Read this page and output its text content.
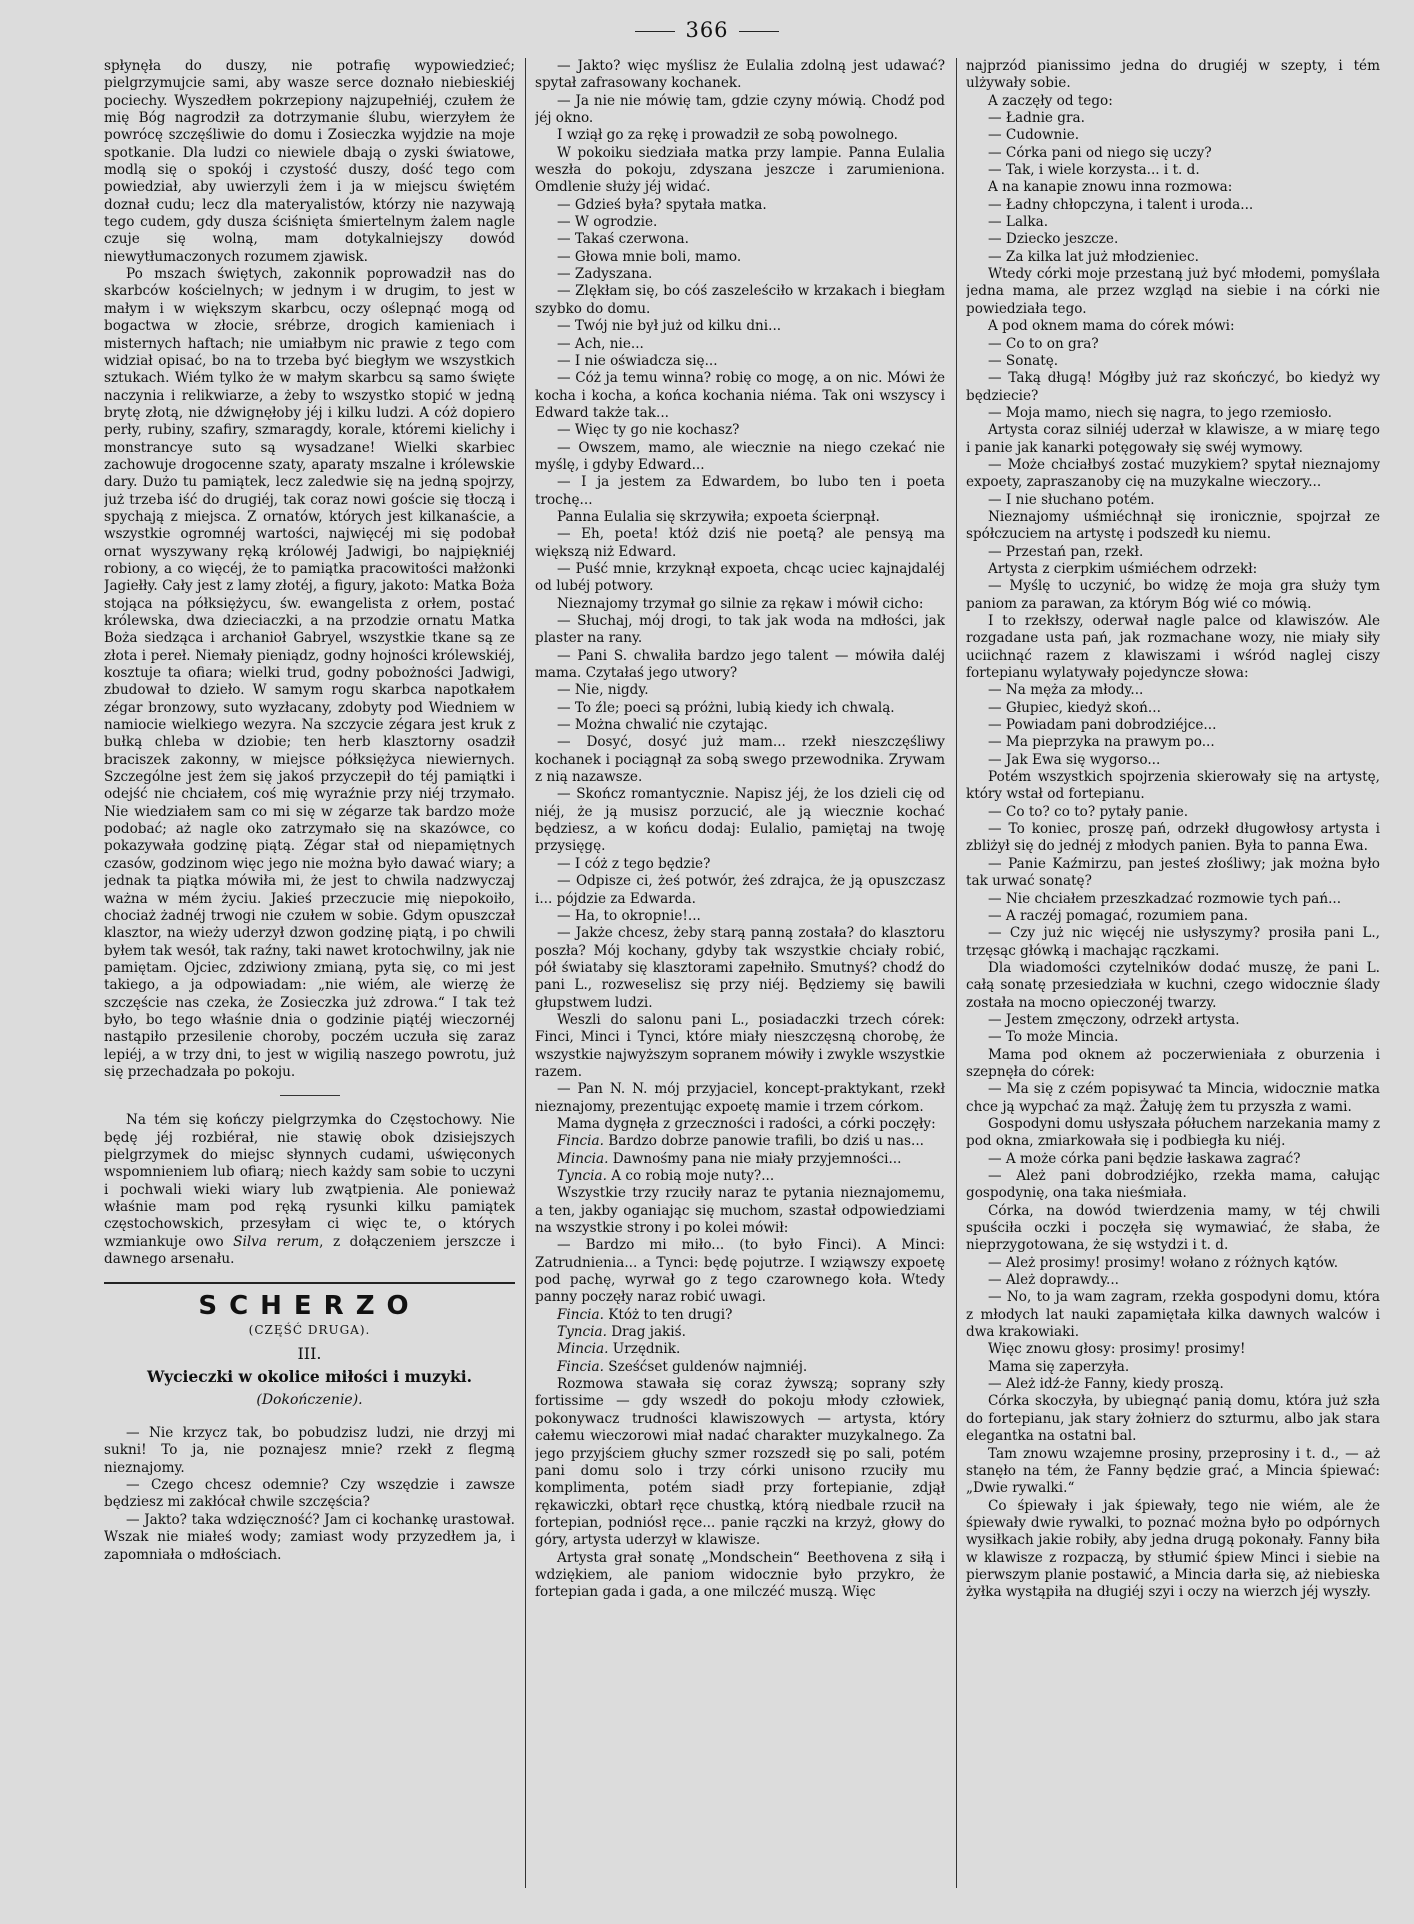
366

spłynęła do duszy, nie potrafię wypowiedzieć; pielgrzymujcie sami, aby wasze serce doznało niebieskiéj pociechy. Wyszedłem pokrzepiony najzupełniéj, czułem że mię Bóg nagrodził za dotrzymanie ślubu, wierzyłem że powrócę szczęśliwie do domu i Zosieczka wyjdzie na moje spotkanie. Dla ludzi co niewiele dbają o zyski światowe, modlą się o spokój i czystość duszy, dość tego com powiedział, aby uwierzyli żem i ja w miejscu świętém doznał cudu; lecz dla materyalistów, którzy nie nazywają tego cudem, gdy dusza ściśnięta śmiertelnym żalem nagle czuje się wolną, mam dotykalniejszy dowód niewytłumaczonych rozumem zjawisk.

Po mszach świętych, zakonnik poprowadził nas do skarbców kościelnych; w jednym i w drugim, to jest w małym i w większym skarbcu, oczy oślepnąć mogą od bogactwa w złocie, srébrze, drogich kamieniach i misternych haftach; nie umiałbym nic prawie z tego com widział opisać, bo na to trzeba być biegłym we wszystkich sztukach. Wiém tylko że w małym skarbcu są samo święte naczynia i relikwiarze, a żeby to wszystko stopić w jedną brytę złotą, nie dźwignęłoby jéj i kilku ludzi. A cóż dopiero perły, rubiny, szafiry, szmaragdy, korale, któremi kielichy i monstrancye suto są wysadzane! Wielki skarbiec zachowuje drogocenne szaty, aparaty mszalne i królewskie dary. Dużo tu pamiątek, lecz zaledwie się na jedną spojrzy, już trzeba iść do drugiéj, tak coraz nowi goście się tłoczą i spychają z miejsca. Z ornatów, których jest kilkanaście, a wszystkie ogromnéj wartości, najwięcéj mi się podobał ornat wyszywany ręką królowéj Jadwigi, bo najpiękniéj robiony, a co więcéj, że to pamiątka pracowitości małżonki Jagiełły. Cały jest z lamy złotéj, a figury, jakoto: Matka Boża stojąca na półksiężycu, św. ewangelista z orłem, postać królewska, dwa dzieciaczki, a na przodzie ornatu Matka Boża siedząca i archanioł Gabryel, wszystkie tkane są ze złota i pereł. Niemały pieniądz, godny hojności królewskiéj, kosztuje ta ofiara; wielki trud, godny pobożności Jadwigi, zbudował to dzieło. W samym rogu skarbca napotkałem zégar bronzowy, suto wyzłacany, zdobyty pod Wiedniem w namiocie wielkiego wezyra. Na szczycie zégara jest kruk z bułką chleba w dziobie; ten herb klasztorny osadził braciszek zakonny, w miejsce półksiężyca niewiernych. Szczególne jest żem się jakoś przyczepił do téj pamiątki i odejść nie chciałem, coś mię wyraźnie przy niéj trzymało. Nie wiedziałem sam co mi się w zégarze tak bardzo może podobać; aż nagle oko zatrzymało się na skazówce, co pokazywała godzinę piątą. Zégar stał od niepamiętnych czasów, godzinom więc jego nie można było dawać wiary; a jednak ta piątka mówiła mi, że jest to chwila nadzwyczaj ważna w mém życiu. Jakieś przeczucie mię niepokoiło, chociaż żadnéj trwogi nie czułem w sobie. Gdym opuszczał klasztor, na wieży uderzył dzwon godzinę piątą, i po chwili byłem tak wesół, tak raźny, taki nawet krotochwilny, jak nie pamiętam. Ojciec, zdziwiony zmianą, pyta się, co mi jest takiego, a ja odpowiadam: „nie wiém, ale wierzę że szczęście nas czeka, że Zosieczka już zdrowa.“ I tak też było, bo tego właśnie dnia o godzinie piątéj wieczornéj nastąpiło przesilenie choroby, poczém uczuła się zaraz lepiéj, a w trzy dni, to jest w wigilią naszego powrotu, już się przechadzała po pokoju.

Na tém się kończy pielgrzymka do Częstochowy. Nie będę jéj rozbiérał, nie stawię obok dzisiejszych pielgrzymek do miejsc słynnych cudami, uświęconych wspomnieniem lub ofiarą; niech każdy sam sobie to uczyni i pochwali wieki wiary lub zwątpienia. Ale ponieważ właśnie mam pod ręką rysunki kilku pamiątek częstochowskich, przesyłam ci więc te, o których wzmiankuje owo Silva rerum, z dołączeniem jerszcze i dawnego arsenału.

SCHERZO
(CZĘŚĆ DRUGA).
III.
Wycieczki w okolice miłości i muzyki.
(Dokończenie).

— Nie krzycz tak, bo pobudzisz ludzi, nie drzyj mi sukni! To ja, nie poznajesz mnie? rzekł z flegmą nieznajomy.

— Czego chcesz odemnie? Czy wszędzie i zawsze będziesz mi zakłócał chwile szczęścia?

— Jakto? taka wdzięczność? Jam ci kochankę urastował. Wszak nie miałeś wody; zamiast wody przyzedłem ja, i zapomniała o mdłościach.

— Jakto? więc myślisz że Eulalia zdolną jest udawać? spytał zafrasowany kochanek.

— Ja nie nie mówię tam, gdzie czyny mówią. Chodź pod jéj okno.

I wziął go za rękę i prowadził ze sobą powolnego.

W pokoiku siedziała matka przy lampie. Panna Eulalia weszła do pokoju, zdyszana jeszcze i zarumieniona. Omdlenie służy jéj widać.

— Gdzieś była? spytała matka.

— W ogrodzie.

— Takaś czerwona.

— Głowa mnie boli, mamo.

— Zadyszana.

— Zlękłam się, bo cóś zaszeleściło w krzakach i biegłam szybko do domu.

— Twój nie był już od kilku dni...

— Ach, nie...

— I nie oświadcza się...

— Cóż ja temu winna? robię co mogę, a on nic. Mówi że kocha i kocha, a końca kochania niéma. Tak oni wszyscy i Edward także tak...

— Więc ty go nie kochasz?

— Owszem, mamo, ale wiecznie na niego czekać nie myślę, i gdyby Edward...

— I ja jestem za Edwardem, bo lubo ten i poeta trochę...

Panna Eulalia się skrzywiła; expoeta ścierpnął.

— Eh, poeta! któż dziś nie poetą? ale pensyą ma większą niż Edward.

— Puść mnie, krzyknął expoeta, chcąc uciec kajnajdaléj od lubéj potwory.

Nieznajomy trzymał go silnie za rękaw i mówił cicho:

— Słuchaj, mój drogi, to tak jak woda na mdłości, jak plaster na rany.

— Pani S. chwaliła bardzo jego talent — mówiła daléj mama. Czytałaś jego utwory?

— Nie, nigdy.

— To źle; poeci są próżni, lubią kiedy ich chwalą.

— Można chwalić nie czytając.

— Dosyć, dosyć już mam... rzekł nieszczęśliwy kochanek i pociągnął za sobą swego przewodnika. Zrywam z nią nazawsze.

— Skończ romantycznie. Napisz jéj, że los dzieli cię od niéj, że ją musisz porzucić, ale ją wiecznie kochać będziesz, a w końcu dodaj: Eulalio, pamiętaj na twoję przysięgę.

— I cóż z tego będzie?

— Odpisze ci, żeś potwór, żeś zdrajca, że ją opuszczasz i... pójdzie za Edwarda.

— Ha, to okropnie!...

— Jakże chcesz, żeby starą panną została? do klasztoru poszła? Mój kochany, gdyby tak wszystkie chciały robić, pół świataby się klasztorami zapełniło. Smutnyś? chodź do pani L., rozweselisz się przy niéj. Będziemy się bawili głupstwem ludzi.

Weszli do salonu pani L., posiadaczki trzech córek: Finci, Minci i Tynci, które miały nieszczęsną chorobę, że wszystkie najwyższym sopranem mówiły i zwykle wszystkie razem.

— Pan N. N. mój przyjaciel, koncept-praktykant, rzekł nieznajomy, prezentując expoetę mamie i trzem córkom.

Mama dygnęła z grzeczności i radości, a córki poczęły:

Fincia. Bardzo dobrze panowie trafili, bo dziś u nas...

Mincia. Dawnośmy pana nie miały przyjemności...

Tyncia. A co robią moje nuty?...

Wszystkie trzy rzuciły naraz te pytania nieznajomemu, a ten, jakby oganiając się muchom, szastał odpowiedziami na wszystkie strony i po kolei mówił:

— Bardzo mi miło... (to było Finci). A Minci: Zatrudnienia... a Tynci: będę pojutrze. I wziąwszy expoetę pod pachę, wyrwał go z tego czarownego koła. Wtedy panny poczęły naraz robić uwagi.

Fincia. Któż to ten drugi?

Tyncia. Drag jakiś.

Mincia. Urzędnik.

Fincia. Sześćset guldenów najmniéj.

Rozmowa stawała się coraz żywszą; soprany szły fortissime — gdy wszedł do pokoju młody człowiek, pokonywacz trudności klawiszowych — artysta, który całemu wieczorowi miał nadać charakter muzykalnego. Za jego przyjściem głuchy szmer rozszedł się po sali, potém pani domu solo i trzy córki unisono rzuciły mu komplimenta, potém siadł przy fortepianie, zdjął rękawiczki, obtarł ręce chustką, którą niedbale rzucił na fortepian, podniósł ręce... panie rączki na krzyż, głowy do góry, artysta uderzył w klawisze.

Artysta grał sonatę „Mondschein“ Beethovena z siłą i wdziękiem, ale paniom widocznie było przykro, że fortepian gada i gada, a one milczéć muszą. Więc

najprzód pianissimo jedna do drugiéj w szepty, i tém ulżywały sobie.

A zaczęły od tego:

— Ładnie gra.

— Cudownie.

— Córka pani od niego się uczy?

— Tak, i wiele korzysta... i t. d.

A na kanapie znowu inna rozmowa:

— Ładny chłopczyna, i talent i uroda...

— Lalka.

— Dziecko jeszcze.

— Za kilka lat już młodzieniec.

Wtedy córki moje przestaną już być młodemi, pomyślała jedna mama, ale przez wzgląd na siebie i na córki nie powiedziała tego.

A pod oknem mama do córek mówi:

— Co to on gra?

— Sonatę.

— Taką długą! Mógłby już raz skończyć, bo kiedyż wy będziecie?

— Moja mamo, niech się nagra, to jego rzemiosło.

Artysta coraz silniéj uderzał w klawisze, a w miarę tego i panie jak kanarki potęgowały się swéj wymowy.

— Może chciałbyś zostać muzykiem? spytał nieznajomy expoety, zapraszanoby cię na muzykalne wieczory...

— I nie słuchano potém.

Nieznajomy uśmiéchnął się ironicznie, spojrzał ze spółczuciem na artystę i podszedł ku niemu.

— Przestań pan, rzekł.

Artysta z cierpkim uśmiéchem odrzekł:

— Myślę to uczynić, bo widzę że moja gra służy tym paniom za parawan, za którym Bóg wié co mówią.

I to rzekłszy, oderwał nagle palce od klawiszów. Ale rozgadane usta pań, jak rozmachane wozy, nie miały siły uciichnąć razem z klawiszami i wśród naglej ciszy fortepianu wylatywały pojedyncze słowa:

— Na męża za młody...

— Głupiec, kiedyż skoń...

— Powiadam pani dobrodziéjce...

— Ma pieprzyka na prawym po...

— Jak Ewa się wygorso...

Potém wszystkich spojrzenia skierowały się na artystę, który wstał od fortepianu.

— Co to? co to? pytały panie.

— To koniec, proszę pań, odrzekł długowłosy artysta i zbliżył się do jednéj z młodych panien. Była to panna Ewa.

— Panie Kaźmirzu, pan jesteś złośliwy; jak można było tak urwać sonatę?

— Nie chciałem przeszkadzać rozmowie tych pań...

— A raczéj pomagać, rozumiem pana.

— Czy już nic więcéj nie usłyszymy? prosiła pani L., trzęsąc główką i machając rączkami.

Dla wiadomości czytelników dodać muszę, że pani L. całą sonatę przesiedziała w kuchni, czego widocznie ślady została na mocno opieczonéj twarzy.

— Jestem zmęczony, odrzekł artysta.

— To może Mincia.

Mama pod oknem aż poczerwieniała z oburzenia i szepnęła do córek:

— Ma się z czém popisywać ta Mincia, widocznie matka chce ją wypchać za mąż. Żałuję żem tu przyszła z wami.

Gospodyni domu usłyszała półuchem narzekania mamy z pod okna, zmiarkowała się i podbiegła ku niéj.

— A może córka pani będzie łaskawa zagrać?

— Ależ pani dobrodziéjko, rzekła mama, całując gospodynię, ona taka nieśmiała.

Córka, na dowód twierdzenia mamy, w téj chwili spuściła oczki i poczęła się wymawiać, że słaba, że nieprzygotowana, że się wstydzi i t. d.

— Ależ prosimy! prosimy! wołano z różnych kątów.

— Ależ doprawdy...

— No, to ja wam zagram, rzekła gospodyni domu, która z młodych lat nauki zapamiętała kilka dawnych walców i dwa krakowiaki.

Więc znowu głosy: prosimy! prosimy!

Mama się zaperzyła.

— Ależ idź-że Fanny, kiedy proszą.

Córka skoczyła, by ubiegnąć panią domu, która już szła do fortepianu, jak stary żołnierz do szturmu, albo jak stara elegantka na ostatni bal.

Tam znowu wzajemne prosiny, przeprosiny i t. d., — aż stanęło na tém, że Fanny będzie grać, a Mincia śpiewać: „Dwie rywalki.“

Co śpiewały i jak śpiewały, tego nie wiém, ale że śpiewały dwie rywalki, to poznać można było po odpórnych wysiłkach jakie robiły, aby jedna drugą pokonały. Fanny biła w klawisze z rozpaczą, by stłumić śpiew Minci i siebie na pierwszym planie postawić, a Mincia darła się, aż niebieska żyłka wystąpiła na długiéj szyi i oczy na wierzch jéj wyszły.
